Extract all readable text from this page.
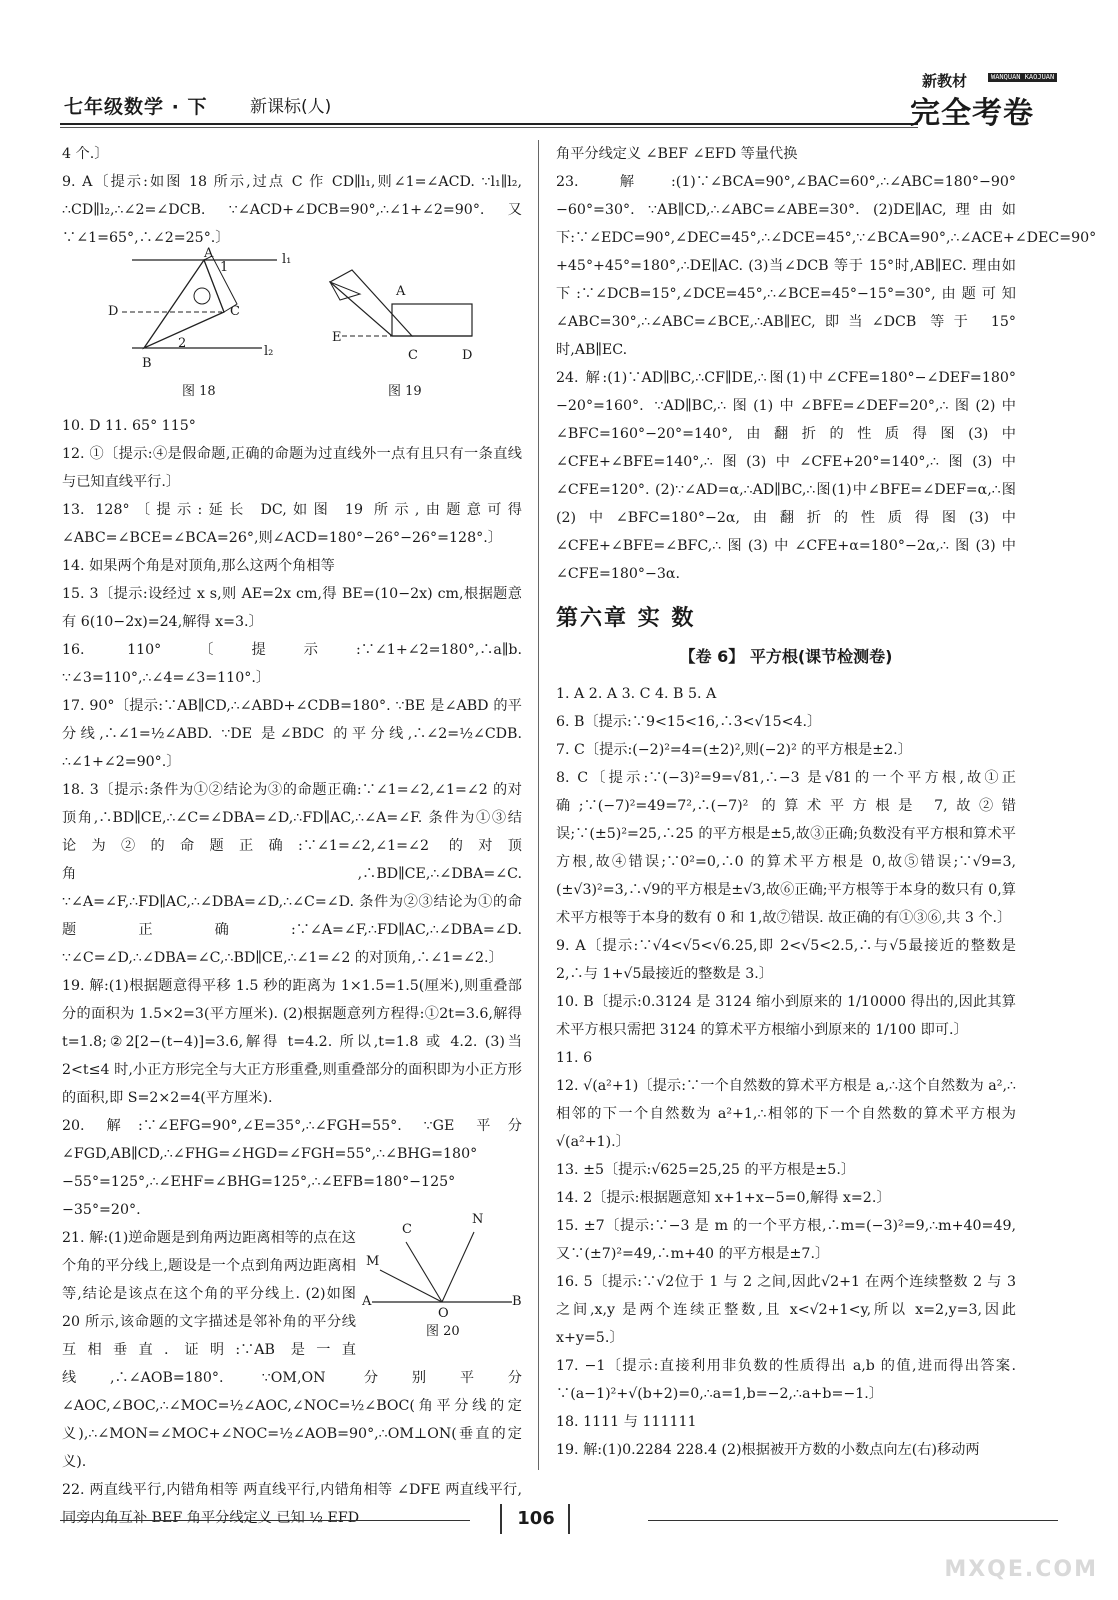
七年级数学 · 下	新课标(人)
新教材	WANQUAN KAOJUAN
完全考卷

4 个.〕

9. A〔提示:如图 18 所示,过点 C 作 CD∥l₁,则∠1=∠ACD. ∵l₁∥l₂, ∴CD∥l₂,∴∠2=∠DCB. ∵∠ACD+∠DCB=90°,∴∠1+∠2=90°. 又∵∠1=65°,∴∠2=25°.〕

A	l₁
1
C
D
2
B
l₂
图 18
A
E
C	D
图 19

10. D 11. 65° 115°

12. ①〔提示:④是假命题,正确的命题为过直线外一点有且只有一条直线与已知直线平行.〕

13. 128°〔提示:延长 DC,如图 19 所示,由题意可得∠ABC=∠BCE=∠BCA=26°,则∠ACD=180°−26°−26°=128°.〕

14. 如果两个角是对顶角,那么这两个角相等

15. 3〔提示:设经过 x s,则 AE=2x cm,得 BE=(10−2x) cm,根据题意有 6(10−2x)=24,解得 x=3.〕

16. 110°〔提示:∵∠1+∠2=180°,∴a∥b. ∵∠3=110°,∴∠4=∠3=110°.〕

17. 90°〔提示:∵AB∥CD,∴∠ABD+∠CDB=180°. ∵BE 是∠ABD 的平分线,∴∠1=½∠ABD. ∵DE 是∠BDC 的平分线,∴∠2=½∠CDB. ∴∠1+∠2=90°.〕

18. 3〔提示:条件为①②结论为③的命题正确:∵∠1=∠2,∠1=∠2 的对顶角,∴BD∥CE,∴∠C=∠DBA=∠D,∴FD∥AC,∴∠A=∠F. 条件为①③结论为②的命题正确:∵∠1=∠2,∠1=∠2 的对顶角,∴BD∥CE,∴∠DBA=∠C. ∵∠A=∠F,∴FD∥AC,∴∠DBA=∠D,∴∠C=∠D. 条件为②③结论为①的命题正确:∵∠A=∠F,∴FD∥AC,∴∠DBA=∠D. ∵∠C=∠D,∴∠DBA=∠C,∴BD∥CE,∴∠1=∠2 的对顶角,∴∠1=∠2.〕

19. 解:(1)根据题意得平移 1.5 秒的距离为 1×1.5=1.5(厘米),则重叠部分的面积为 1.5×2=3(平方厘米). (2)根据题意列方程得:①2t=3.6,解得 t=1.8;②2[2−(t−4)]=3.6,解得 t=4.2. 所以,t=1.8 或 4.2. (3)当 2<t≤4 时,小正方形完全与大正方形重叠,则重叠部分的面积即为小正方形的面积,即 S=2×2=4(平方厘米).

20. 解:∵∠EFG=90°,∠E=35°,∴∠FGH=55°. ∵GE 平分∠FGD,AB∥CD,∴∠FHG=∠HGD=∠FGH=55°,∴∠BHG=180°−55°=125°,∴∠EHF=∠BHG=125°,∴∠EFB=180°−125°−35°=20°.

C
N
M
A
O
B
图 20

21. 解:(1)逆命题是到角两边距离相等的点在这个角的平分线上,题设是一个点到角两边距离相等,结论是该点在这个角的平分线上. (2)如图 20 所示,该命题的文字描述是邻补角的平分线互相垂直. 证明:∵AB 是一直线,∴∠AOB=180°. ∵OM,ON 分别平分∠AOC,∠BOC,∴∠MOC=½∠AOC,∠NOC=½∠BOC(角平分线的定义),∴∠MON=∠MOC+∠NOC=½∠AOB=90°,∴OM⊥ON(垂直的定义).

22. 两直线平行,内错角相等 两直线平行,内错角相等 ∠DFE 两直线平行,同旁内角互补 BEF 角平分线定义 已知 ½ EFD

角平分线定义 ∠BEF ∠EFD 等量代换

23. 解:(1)∵∠BCA=90°,∠BAC=60°,∴∠ABC=180°−90°−60°=30°. ∵AB∥CD,∴∠ABC=∠ABE=30°. (2)DE∥AC,理由如下:∵∠EDC=90°,∠DEC=45°,∴∠DCE=45°,∵∠BCA=90°,∴∠ACE+∠DEC=90°+45°+45°=180°,∴DE∥AC. (3)当∠DCB 等于 15°时,AB∥EC. 理由如下:∵∠DCB=15°,∠DCE=45°,∴∠BCE=45°−15°=30°,由题可知∠ABC=30°,∴∠ABC=∠BCE,∴AB∥EC,即当∠DCB 等于 15°时,AB∥EC.

24. 解:(1)∵AD∥BC,∴CF∥DE,∴图(1)中∠CFE=180°−∠DEF=180°−20°=160°. ∵AD∥BC,∴图(1)中∠BFE=∠DEF=20°,∴图(2)中∠BFC=160°−20°=140°,由翻折的性质得图(3)中∠CFE+∠BFE=140°,∴图(3)中∠CFE+20°=140°,∴图(3)中∠CFE=120°. (2)∵∠AD=α,∴AD∥BC,∴图(1)中∠BFE=∠DEF=α,∴图(2)中∠BFC=180°−2α,由翻折的性质得图(3)中∠CFE+∠BFE=∠BFC,∴图(3)中∠CFE+α=180°−2α,∴图(3)中∠CFE=180°−3α.

第六章 实 数
【卷 6】 平方根(课节检测卷)

1. A 2. A 3. C 4. B 5. A

6. B〔提示:∵9<15<16,∴3<√15<4.〕

7. C〔提示:(−2)²=4=(±2)²,则(−2)² 的平方根是±2.〕

8. C〔提示:∵(−3)²=9=√81,∴−3 是√81的一个平方根,故①正确;∵(−7)²=49=7²,∴(−7)² 的算术平方根是 7,故②错误;∵(±5)²=25,∴25 的平方根是±5,故③正确;负数没有平方根和算术平方根,故④错误;∵0²=0,∴0 的算术平方根是 0,故⑤错误;∵√9=3,(±√3)²=3,∴√9的平方根是±√3,故⑥正确;平方根等于本身的数只有 0,算术平方根等于本身的数有 0 和 1,故⑦错误. 故正确的有①③⑥,共 3 个.〕

9. A〔提示:∵√4<√5<√6.25,即 2<√5<2.5,∴与√5最接近的整数是 2,∴与 1+√5最接近的整数是 3.〕

10. B〔提示:0.3124 是 3124 缩小到原来的 1/10000 得出的,因此其算术平方根只需把 3124 的算术平方根缩小到原来的 1/100 即可.〕

11. 6

12. √(a²+1)〔提示:∵一个自然数的算术平方根是 a,∴这个自然数为 a²,∴相邻的下一个自然数为 a²+1,∴相邻的下一个自然数的算术平方根为 √(a²+1).〕

13. ±5〔提示:√625=25,25 的平方根是±5.〕

14. 2〔提示:根据题意知 x+1+x−5=0,解得 x=2.〕

15. ±7〔提示:∵−3 是 m 的一个平方根,∴m=(−3)²=9,∴m+40=49,又∵(±7)²=49,∴m+40 的平方根是±7.〕

16. 5〔提示:∵√2位于 1 与 2 之间,因此√2+1 在两个连续整数 2 与 3 之间,x,y 是两个连续正整数,且 x<√2+1<y,所以 x=2,y=3,因此 x+y=5.〕

17. −1〔提示:直接利用非负数的性质得出 a,b 的值,进而得出答案. ∵(a−1)²+√(b+2)=0,∴a=1,b=−2,∴a+b=−1.〕

18. 1111 与 111111

19. 解:(1)0.2284 228.4 (2)根据被开方数的小数点向左(右)移动两

106
MXQE.COM
